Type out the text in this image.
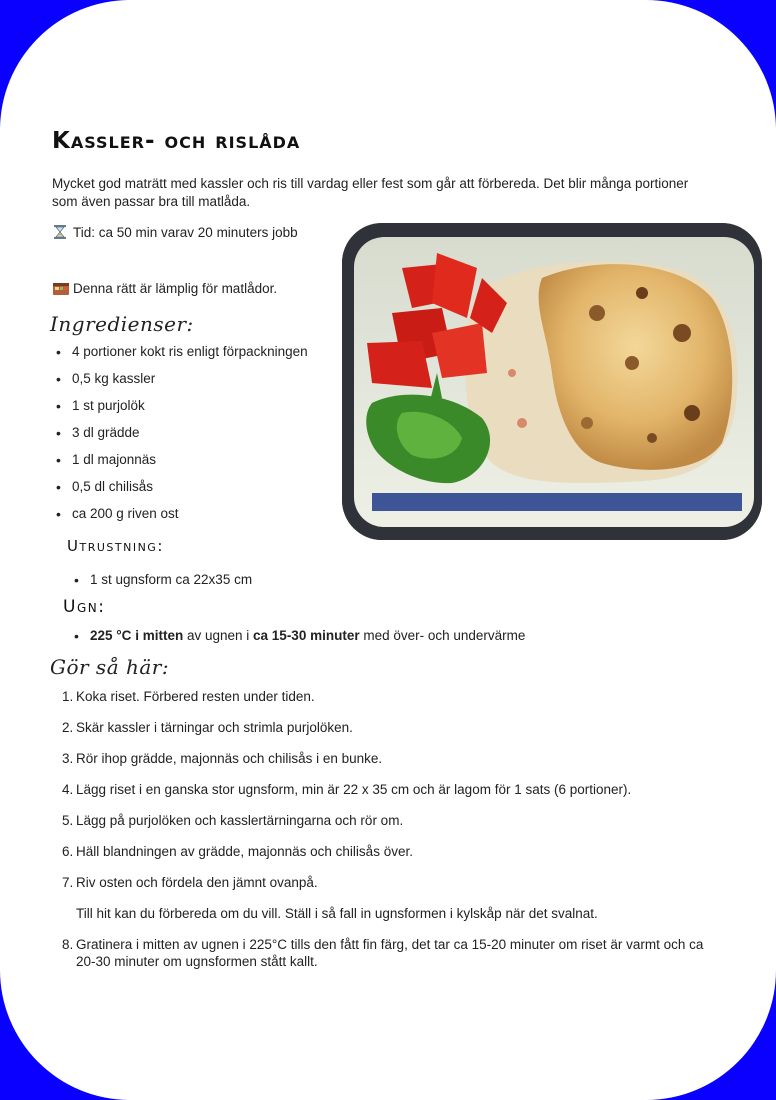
Kassler- och rislåda
Mycket god maträtt med kassler och ris till vardag eller fest som går att förbereda. Det blir många portioner som även passar bra till matlåda.
Tid: ca 50 min varav 20 minuters jobb
Denna rätt är lämplig för matlådor.
Ingredienser:
• 4 portioner kokt ris enligt förpackningen
• 0,5 kg kassler
• 1 st purjolök
• 3 dl grädde
• 1 dl majonnäs
• 0,5 dl chilisås
• ca 200 g riven ost
Utrustning:
• 1 st ugnsform ca 22x35 cm
Ugn:
• 225 °C i mitten av ugnen i ca 15-30 minuter med över- och undervärme
Gör så här:
1. Koka riset. Förbered resten under tiden.
2. Skär kassler i tärningar och strimla purjolöken.
3. Rör ihop grädde, majonnäs och chilisås i en bunke.
4. Lägg riset i en ganska stor ugnsform, min är 22 x 35 cm och är lagom för 1 sats (6 portioner).
5. Lägg på purjolöken och kasslertärningarna och rör om.
6. Häll blandningen av grädde, majonnäs och chilisås över.
7. Riv osten och fördela den jämnt ovanpå.
Till hit kan du förbereda om du vill. Ställ i så fall in ugnsformen i kylskåp när det svalnat.
8. Gratinera i mitten av ugnen i 225°C tills den fått fin färg, det tar ca 15-20 minuter om riset är varmt och ca 20-30 minuter om ugnsformen stått kallt.
